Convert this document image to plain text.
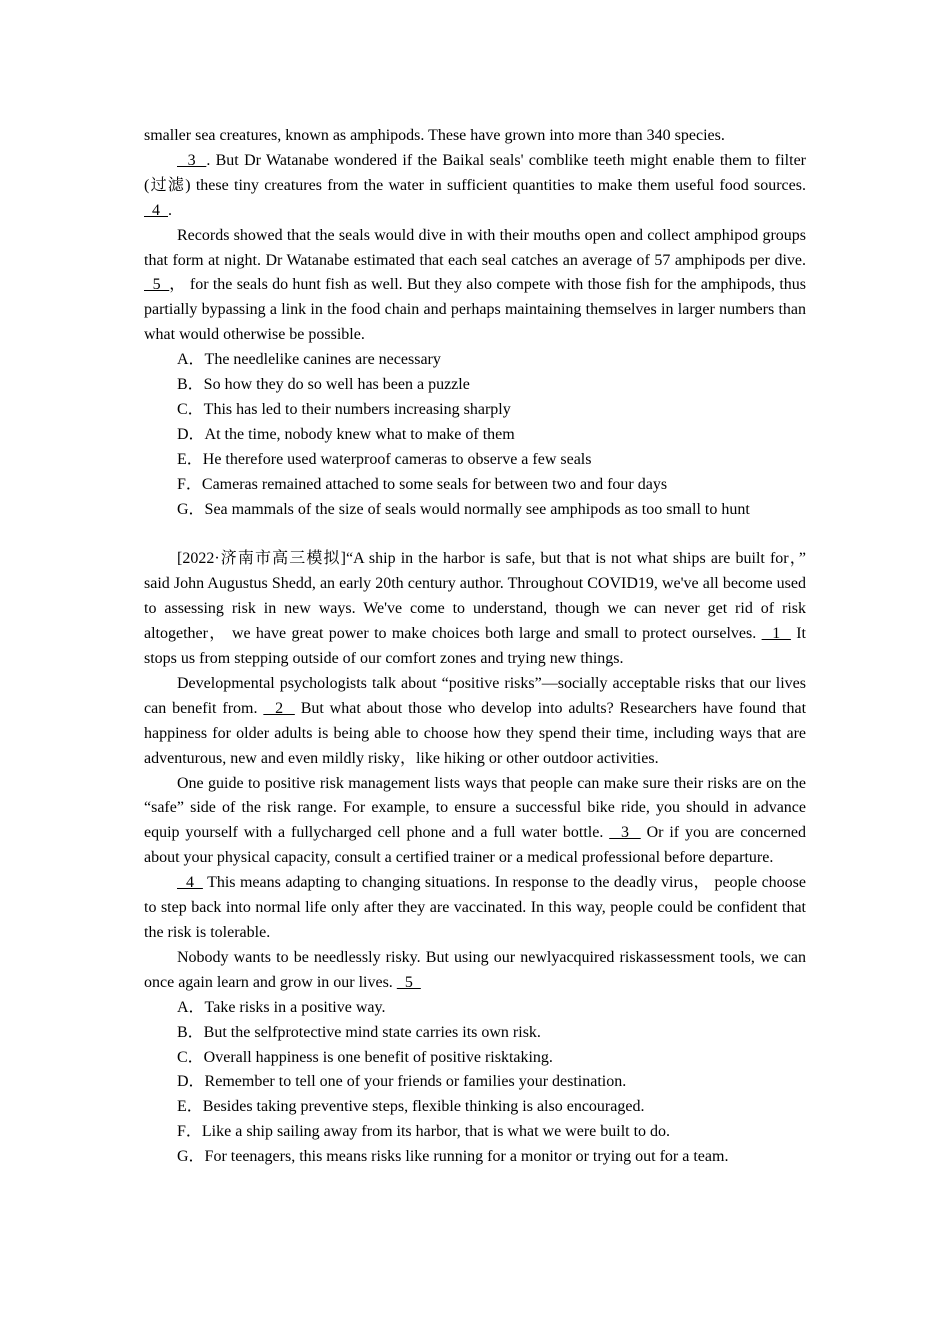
smaller sea creatures, known as amphipods. These have grown into more than 340 species.

3  . But Dr Watanabe wondered if the Baikal seals' comblike teeth might enable them to filter (过滤) these tiny creatures from the water in sufficient quantities to make them useful food sources.   4  .

Records showed that the seals would dive in with their mouths open and collect amphipod groups that form at night. Dr Watanabe estimated that each seal catches an average of 57 amphipods per dive.   5  ， for the seals do hunt fish as well. But they also compete with those fish for the amphipods, thus partially bypassing a link in the food chain and perhaps maintaining themselves in larger numbers than what would otherwise be possible.

A．The needlelike canines are necessary

B．So how they do so well has been a puzzle

C．This has led to their numbers increasing sharply

D．At the time, nobody knew what to make of them

E．He therefore used waterproof cameras to observe a few seals

F．Cameras remained attached to some seals for between two and four days

G．Sea mammals of the size of seals would normally see amphipods as too small to hunt

[2022·济南市高三模拟]“A ship in the harbor is safe, but that is not what ships are built for，” said John Augustus Shedd, an early 20th century author. Throughout COVID19, we've all become used to assessing risk in new ways. We've come to understand, though we can never get rid of risk altogether， we have great power to make choices both large and small to protect ourselves.   1   It stops us from stepping outside of our comfort zones and trying new things.

Developmental psychologists talk about “positive risks”—socially acceptable risks that our lives can benefit from.   2   But what about those who develop into adults? Researchers have found that happiness for older adults is being able to choose how they spend their time, including ways that are adventurous, new and even mildly risky，like hiking or other outdoor activities.

One guide to positive risk management lists ways that people can make sure their risks are on the “safe” side of the risk range. For example, to ensure a successful bike ride, you should in advance equip yourself with a fullycharged cell phone and a full water bottle.   3   Or if you are concerned about your physical capacity, consult a certified trainer or a medical professional before departure.

4   This means adapting to changing situations. In response to the deadly virus， people choose to step back into normal life only after they are vaccinated. In this way, people could be confident that the risk is tolerable.

Nobody wants to be needlessly risky. But using our newlyacquired riskassessment tools, we can once again learn and grow in our lives.   5

A．Take risks in a positive way.

B．But the selfprotective mind state carries its own risk.

C．Overall happiness is one benefit of positive risktaking.

D．Remember to tell one of your friends or families your destination.

E．Besides taking preventive steps, flexible thinking is also encouraged.

F．Like a ship sailing away from its harbor, that is what we were built to do.

G．For teenagers, this means risks like running for a monitor or trying out for a team.
